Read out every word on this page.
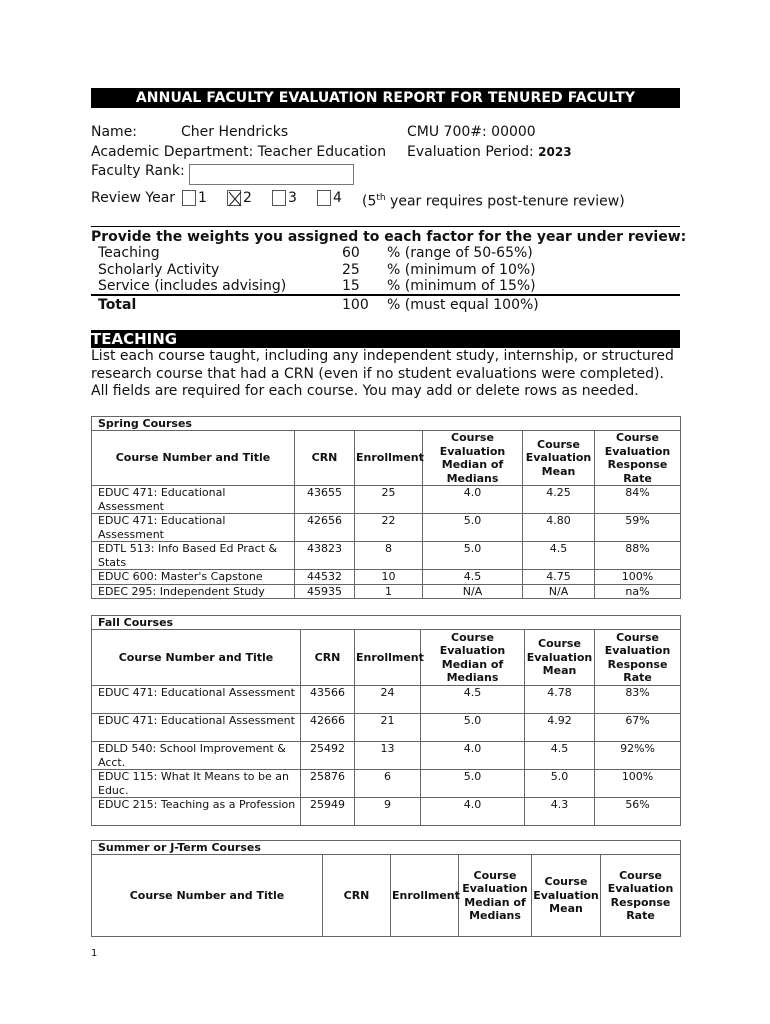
ANNUAL FACULTY EVALUATION REPORT FOR TENURED FACULTY
Name:	Cher Hendricks	CMU 700#: 00000
Academic Department: Teacher Education Evaluation Period: 2023
Faculty Rank:
Review Year 1	2	3	4 (5th year requires post-tenure review)
Provide the weights you assigned to each factor for the year under review:
Teaching	60 % (range of 50-65%)
Scholarly Activity	25 % (minimum of 10%)
Service (includes advising)	15 % (minimum of 15%)
Total	100 % (must equal 100%)
TEACHING
List each course taught, including any independent study, internship, or structured
research course that had a CRN (even if no student evaluations were completed).
All fields are required for each course. You may add or delete rows as needed.
Spring Courses					
Course Number and Title	CRN	Enrollment	Course Evaluation Median of Medians	Course Evaluation Mean	Course Evaluation Response Rate
EDUC 471: Educational Assessment	43655	25	4.0	4.25	84%
EDUC 471: Educational Assessment	42656	22	5.0	4.80	59%
EDTL 513: Info Based Ed Pract & Stats	43823	8	5.0	4.5	88%
EDUC 600: Master's Capstone	44532	10	4.5	4.75	100%
EDEC 295: Independent Study	45935	1	N/A	N/A	na%
Fall Courses					
Course Number and Title	CRN	Enrollment	Course Evaluation Median of Medians	Course Evaluation Mean	Course Evaluation Response Rate
EDUC 471: Educational Assessment	43566	24	4.5	4.78	83%
EDUC 471: Educational Assessment	42666	21	5.0	4.92	67%
EDLD 540: School Improvement & Acct.	25492	13	4.0	4.5	92%%
EDUC 115: What It Means to be an Educ.	25876	6	5.0	5.0	100%
EDUC 215: Teaching as a Profession	25949	9	4.0	4.3	56%
Summer or J-Term Courses
Course Number and Title	CRN	Enrollment	Course Evaluation Median of Medians	Course Evaluation Mean	Course Evaluation Response Rate
1
